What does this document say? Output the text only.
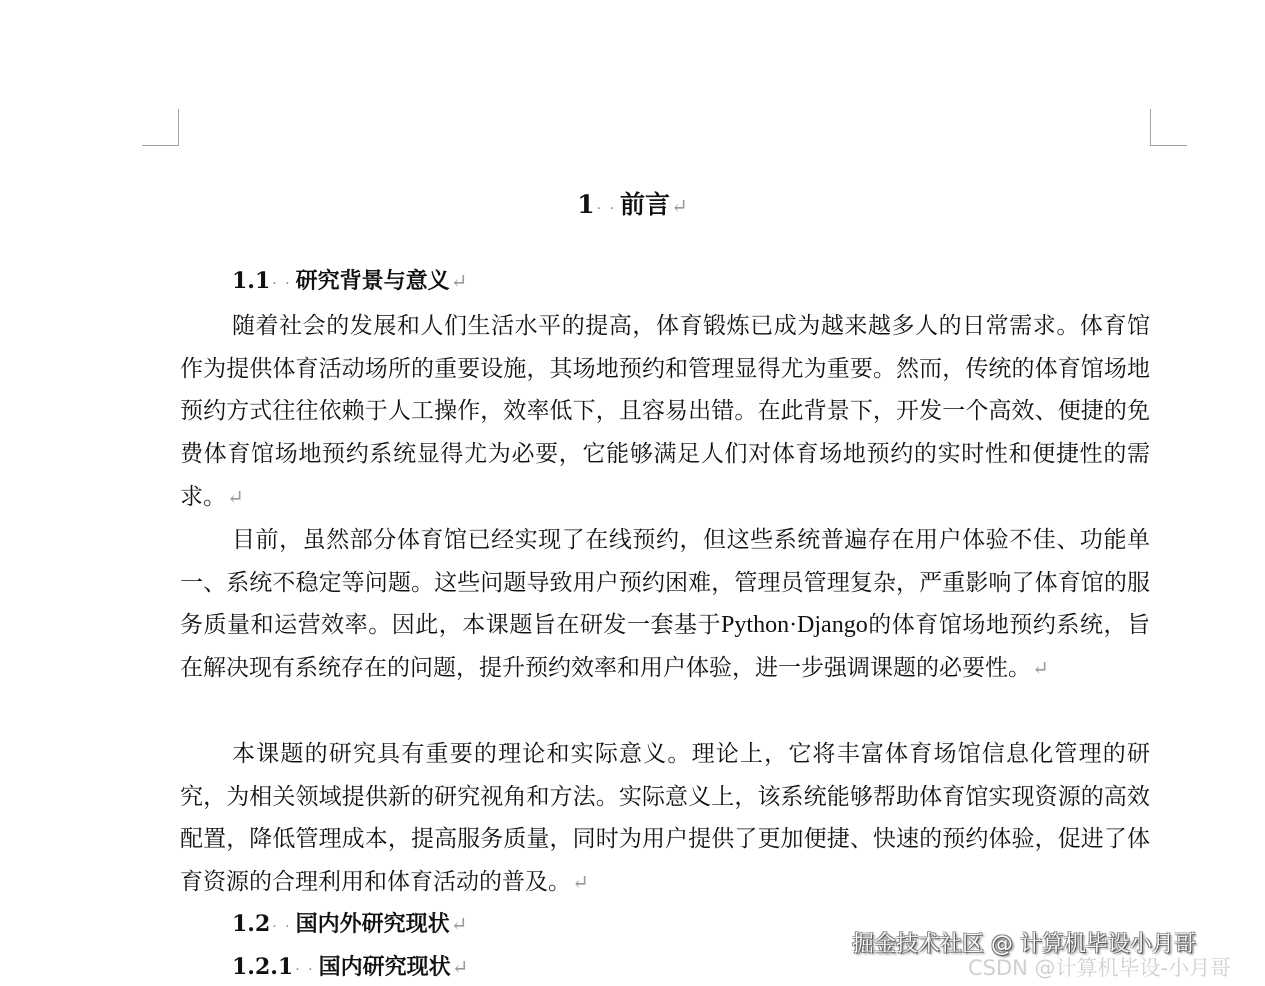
1 · · 前言↵
1.1 · · 研究背景与意义↵
随着社会的发展和人们生活水平的提高，体育锻炼已成为越来越多人的日常需求。体育馆作为提供体育活动场所的重要设施，其场地预约和管理显得尤为重要。然而，传统的体育馆场地预约方式往往依赖于人工操作，效率低下，且容易出错。在此背景下，开发一个高效、便捷的免费体育馆场地预约系统显得尤为必要，它能够满足人们对体育场地预约的实时性和便捷性的需求。↵
目前，虽然部分体育馆已经实现了在线预约，但这些系统普遍存在用户体验不佳、功能单一、系统不稳定等问题。这些问题导致用户预约困难，管理员管理复杂，严重影响了体育馆的服务质量和运营效率。因此，本课题旨在研发一套基于Python·Django的体育馆场地预约系统，旨在解决现有系统存在的问题，提升预约效率和用户体验，进一步强调课题的必要性。↵
本课题的研究具有重要的理论和实际意义。理论上，它将丰富体育场馆信息化管理的研究，为相关领域提供新的研究视角和方法。实际意义上，该系统能够帮助体育馆实现资源的高效配置，降低管理成本，提高服务质量，同时为用户提供了更加便捷、快速的预约体验，促进了体育资源的合理利用和体育活动的普及。↵
1.2 · · 国内外研究现状↵
1.2.1 · · 国内研究现状↵
掘金技术社区 @ 计算机毕设小月哥
CSDN @计算机毕设-小月哥
